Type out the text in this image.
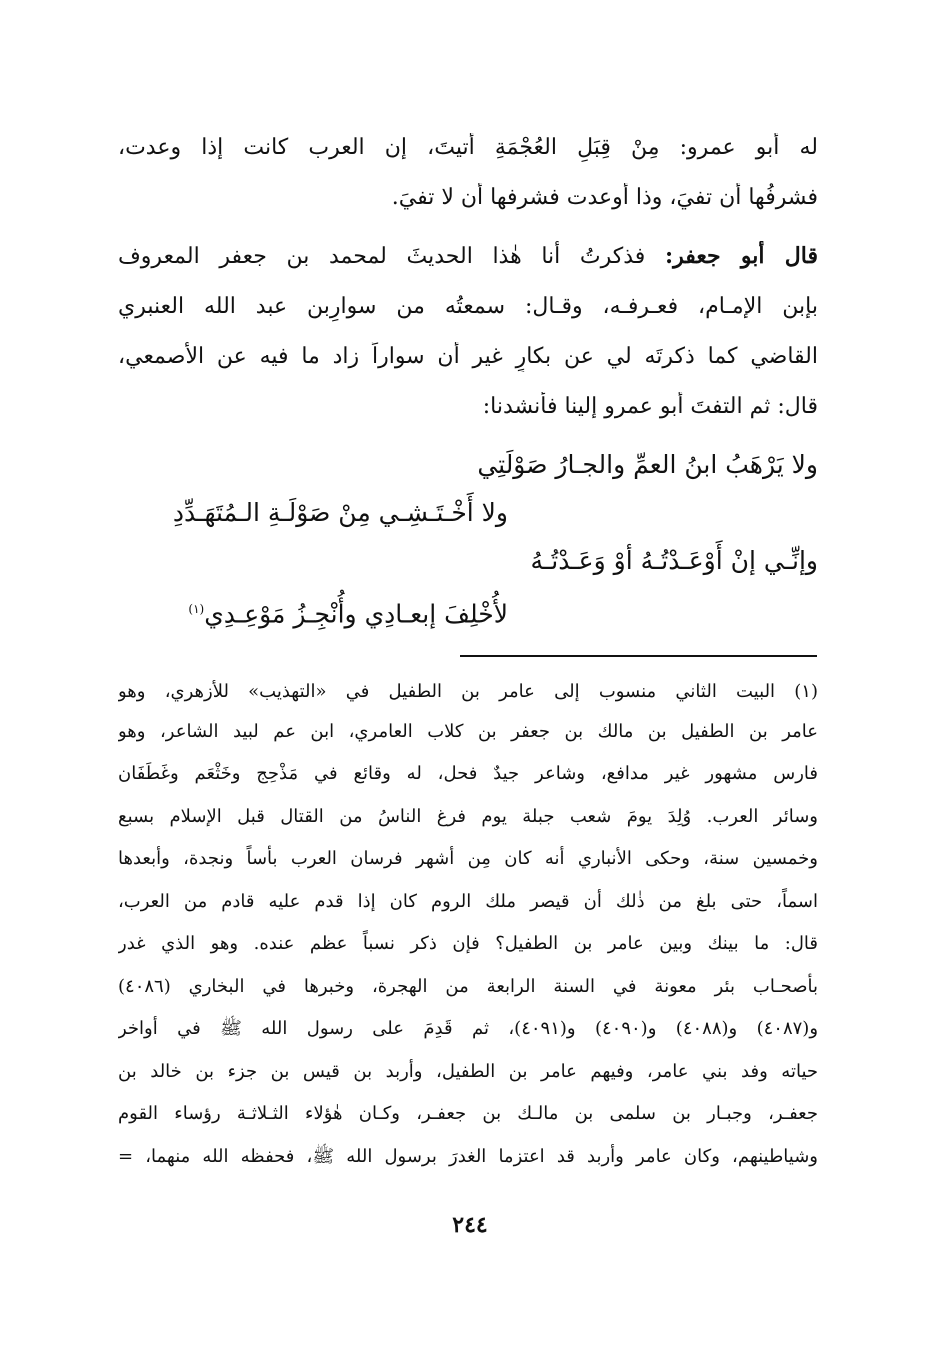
له أبو عمرو: مِنْ قِبَلِ العُجْمَةِ أُتيتَ، إن العرب كانت إذا وعدت،
فشرفُها أن تفيَ، وذا أوعدت فشرفها أن لا تفيَ.
قال أبو جعفر: فذكرتُ أنا هٰذا الحديثَ لمحمد بن جعفر المعروف
بإبن الإمـام، فعـرفـه، وقـال: سمعتُه من سوارِبن عبد الله العنبري
القاضي كما ذكرتَه لي عن بكارٍ غير أن سواراً زاد ما فيه عن الأصمعي،
قال: ثم التفتَ أبو عمرو إلينا فأنشدنا:
ولا يَرْهَبُ ابنُ العمِّ والجـارُ صَوْلَتِي
ولا أَخْـتَـشِـي مِنْ صَوْلَـةِ الـمُتَهَـدِّدِ
وإنِّـي إنْ أَوْعَـدْتُـهُ أوْ وَعَـدْتُـهُ
لأُخْلِفَ إبعـادِي وأُنْجِـزُ مَوْعِـدِي$^{(١)}$
(١) البيت الثاني منسوب إلى عامر بن الطفيل في «التهذيب» للأزهري، وهو
عامر بن الطفيل بن مالك بن جعفر بن كلاب العامري، ابن عم لبيد الشاعر، وهو
فارس مشهور غير مدافع، وشاعر جيدٌ فحل، له وقائع في مَذْحِج وخَثْعَم وغَطَفَان
وسائر العرب. وُلِدَ يومَ شعب جبلة يوم فرغ الناسُ من القتال قبل الإسلام بسبع
وخمسين سنة، وحكى الأنباري أنه كان مِن أشهر فرسان العرب بأساً ونجدة، وأبعدها
اسماً، حتى بلغ من ذٰلك أن قيصر ملك الروم كان إذا قدم عليه قادم من العرب،
قال: ما بينك وبين عامر بن الطفيل؟ فإن ذكر نسباً عظم عنده. وهو الذي غدر
بأصحـاب بئر معونة في السنة الرابعة من الهجرة، وخبرها في البخاري (٤٠٨٦)
و(٤٠٨٧) و(٤٠٨٨) و(٤٠٩٠) و(٤٠٩١)، ثم قَدِمَ على رسول الله ﷺ في أواخر
حياته وفد بني عامر، وفيهم عامر بن الطفيل، وأربد بن قيس بن جزء بن خالد بن
جعفـر، وجبـار بن سلمى بن مالـك بن جعفـر، وكـان هٰؤلاء الثـلاثـة رؤساء القوم
وشياطينهم، وكان عامر وأربد قد اعتزما الغدرَ برسول الله ﷺ، فحفظه الله منهما، =
٢٤٤
